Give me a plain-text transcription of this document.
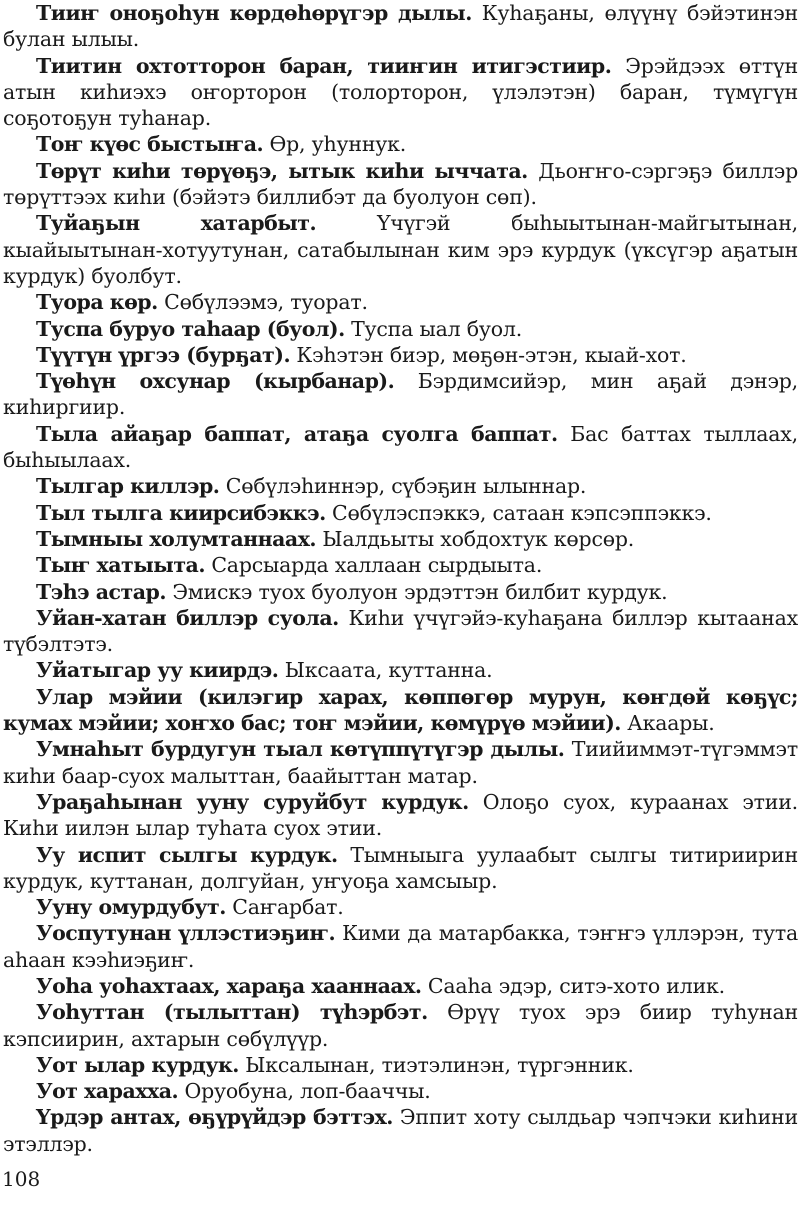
Тииҥ оноҕоһун көрдөһөрүгэр дылы. Куһаҕаны, өлүүнү бэйэтинэн булан ылыы.

Тиитин охтотторон баран, тииҥин итигэстиир. Эрэйдээх өттүн атын киһиэхэ оҥорторон (толорторон, үлэлэтэн) баран, түмүгүн соҕотоҕун туһанар.

Тоҥ күөс быстыҥа. Өр, уһуннук.

Төрүт киһи төрүөҕэ, ытык киһи ыччата. Дьоҥҥо-сэргэҕэ биллэр төрүттээх киһи (бэйэтэ биллибэт да буолуон сөп).

Туйаҕын хатарбыт.	Үчүгэй быһыытынан-майгытынан, кыайыытынан-хотуутунан, сатабылынан ким эрэ курдук (үксүгэр аҕатын курдук) буолбут.

Туора көр. Сөбүлээмэ, туорат.

Туспа буруо таһаар (буол). Туспа ыал буол.

Түүтүн үргээ (бурҕат). Кэһэтэн биэр, мөҕөн-этэн, кыай-хот.

Түөһүн охсунар (кырбанар). Бэрдимсийэр, мин аҕай дэнэр, киһиргиир.

Тыла айаҕар баппат, атаҕа суолга баппат. Бас баттах тыллаах, быһыылаах.

Тылгар киллэр. Сөбүлэһиннэр, сүбэҕин ылыннар.

Тыл тылга киирсибэккэ. Сөбүлэспэккэ, сатаан кэпсэппэккэ.

Тымныы холумтаннаах. Ыалдьыты хобдохтук көрсөр.

Тыҥ хатыыта. Сарсыарда халлаан сырдыыта.

Тэһэ астар. Эмискэ туох буолуон эрдэттэн билбит курдук.

Уйан-хатан биллэр суола. Киһи үчүгэйэ-куһаҕана биллэр кытаанах түбэлтэтэ.

Уйатыгар уу киирдэ. Ыксаата, куттанна.

Улар мэйии (килэгир харах, көппөгөр мурун, көҥдөй көҕүс; кумах мэйии; хоҥхо бас; тоҥ мэйии, көмүрүө мэйии). Акаары.

Умнаһыт бурдугун тыал көтүппүтүгэр дылы. Тиийиммэт-түгэммэт киһи баар-суох малыттан, баайыттан матар.

Ураҕаһынан ууну суруйбут курдук. Олоҕо суох, кураанах этии. Киһи иилэн ылар туһата суох этии.

Уу испит сылгы курдук. Тымныыга уулаабыт сылгы титириирин курдук, куттанан, долгуйан, уҥуоҕа хамсыыр.

Ууну омурдубут. Саҥарбат.

Уоспутунан үллэстиэҕиҥ. Кими да матарбакка, тэҥҥэ үллэрэн, тута аһаан кээһиэҕиҥ.

Уоһа уоһахтаах, хараҕа хааннаах. Сааһа эдэр, ситэ-хото илик.

Уоһуттан (тылыттан) түһэрбэт. Өрүү туох эрэ биир туһунан кэпсиирин, ахтарын сөбүлүүр.

Уот ылар курдук. Ыксалынан, тиэтэлинэн, түргэнник.

Уот харахха. Оруобуна, лоп-бааччы.

Үрдэр антах, өҕүрүйдэр бэттэх. Эппит хоту сылдьар чэпчэки киһини этэллэр.

108
